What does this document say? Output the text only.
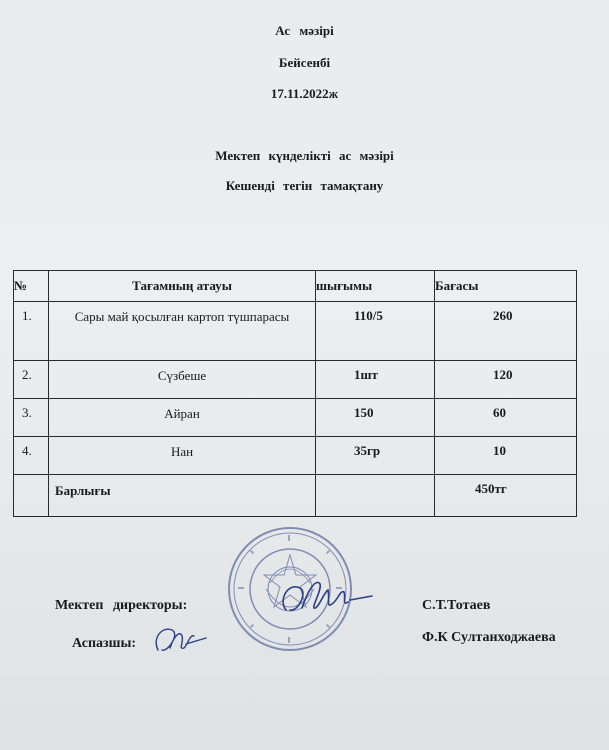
Ас мәзірі
Бейсенбі
17.11.2022ж
Мектеп күнделікті ас мәзірі
Кешенді тегін тамақтану
№	Тағамның атауы	шығымы	Бағасы
1.	Сары май қосылған картоп түшпарасы	110/5	260
2.	Сүзбеше	1шт	120
3.	Айран	150	60
4.	Нан	35гр	10
	Барлығы		450тг
Мектеп директоры:	С.Т.Тотаев
Аспазшы:	Ф.К Султанходжаева
